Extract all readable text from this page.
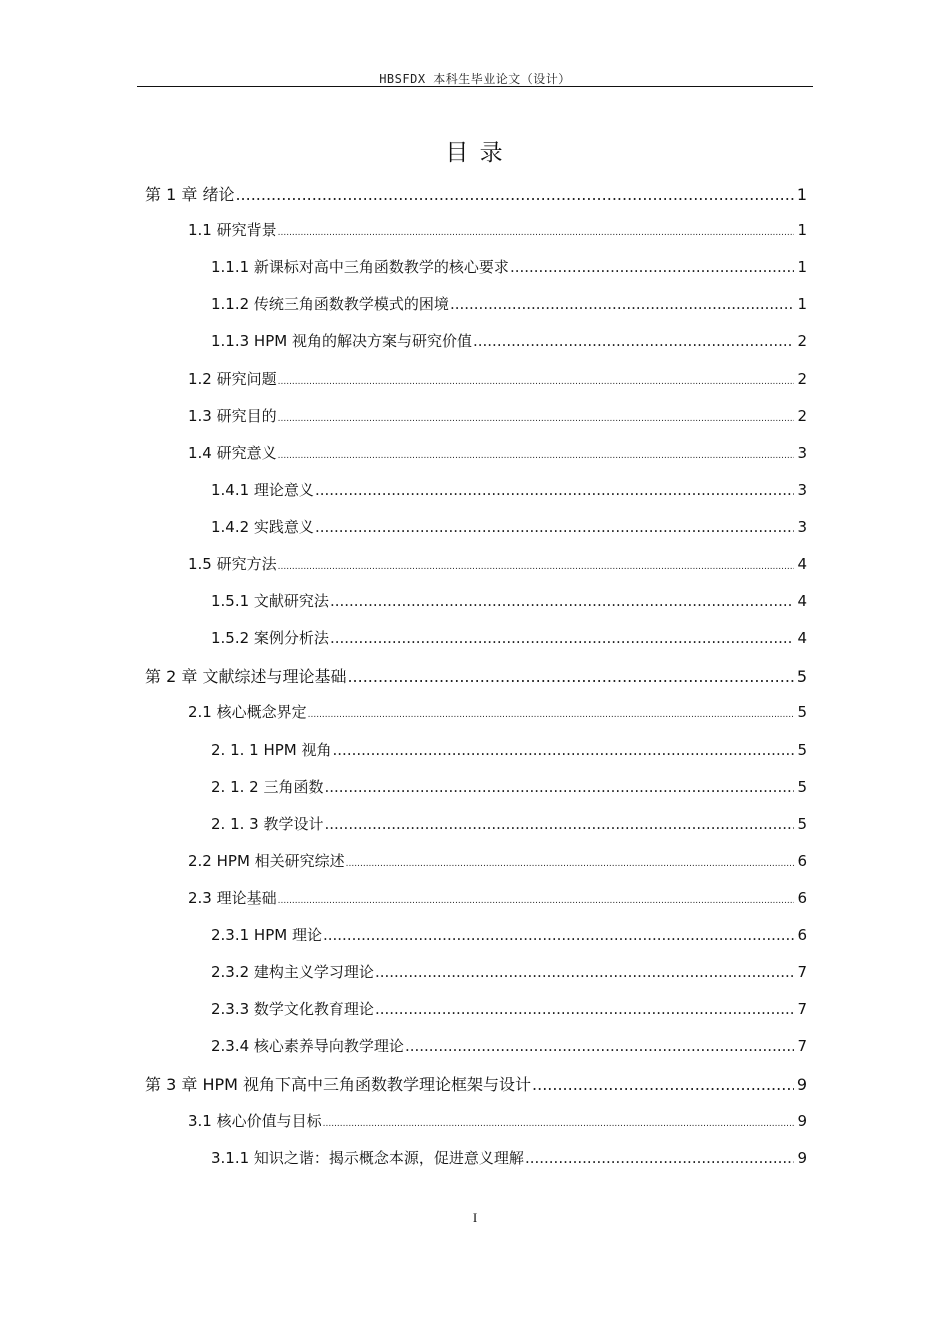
HBSFDX 本科生毕业论文（设计）
目 录
第 1 章 绪论 .....	1
1.1 研究背景 .....	1
1.1.1 新课标对高中三角函数教学的核心要求 .....	1
1.1.2 传统三角函数教学模式的困境 .....	1
1.1.3 HPM 视角的解决方案与研究价值 .....	2
1.2 研究问题 .....	2
1.3 研究目的 .....	2
1.4 研究意义 .....	3
1.4.1 理论意义 .....	3
1.4.2 实践意义 .....	3
1.5 研究方法 .....	4
1.5.1 文献研究法 .....	4
1.5.2 案例分析法 .....	4
第 2 章 文献综述与理论基础 .....	5
2.1 核心概念界定 .....	5
2. 1. 1 HPM 视角 .....	5
2. 1. 2 三角函数 .....	5
2. 1. 3 教学设计 .....	5
2.2 HPM 相关研究综述 .....	6
2.3 理论基础 .....	6
2.3.1 HPM 理论 .....	6
2.3.2 建构主义学习理论 .....	7
2.3.3 数学文化教育理论 .....	7
2.3.4 核心素养导向教学理论 .....	7
第 3 章 HPM 视角下高中三角函数教学理论框架与设计 .....	9
3.1 核心价值与目标 .....	9
3.1.1 知识之谐：揭示概念本源，促进意义理解 .....	9
I
